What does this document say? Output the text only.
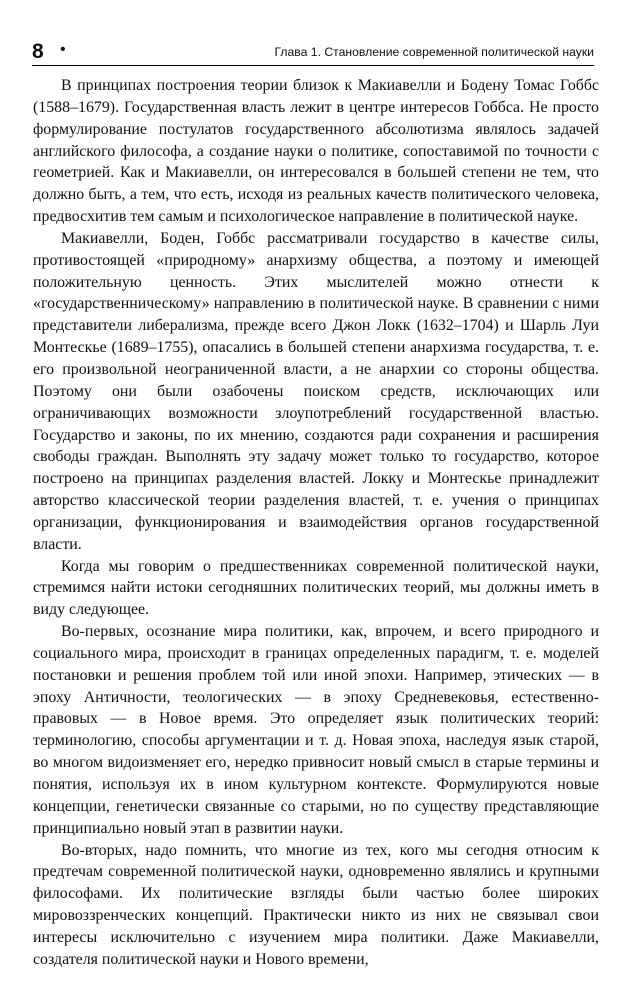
8 •	Глава 1. Становление современной политической науки

В принципах построения теории близок к Макиавелли и Бодену Томас Гоббс (1588–1679). Государственная власть лежит в центре интересов Гоббса. Не просто формулирование постулатов государственного абсолютизма являлось задачей английского философа, а создание науки о политике, сопоставимой по точности с геометрией. Как и Макиавелли, он интересовался в большей степени не тем, что должно быть, а тем, что есть, исходя из реальных качеств политического человека, предвосхитив тем самым и психологическое направление в политической науке.

Макиавелли, Боден, Гоббс рассматривали государство в качестве силы, противостоящей «природному» анархизму общества, а поэтому и имеющей положительную ценность. Этих мыслителей можно отнести к «государственническому» направлению в политической науке. В сравнении с ними представители либерализма, прежде всего Джон Локк (1632–1704) и Шарль Луи Монтескье (1689–1755), опасались в большей степени анархизма государства, т. е. его произвольной неограниченной власти, а не анархии со стороны общества. Поэтому они были озабочены поиском средств, исключающих или ограничивающих возможности злоупотреблений государственной властью. Государство и законы, по их мнению, создаются ради сохранения и расширения свободы граждан. Выполнять эту задачу может только то государство, которое построено на принципах разделения властей. Локку и Монтескье принадлежит авторство классической теории разделения властей, т. е. учения о принципах организации, функционирования и взаимодействия органов государственной власти.

Когда мы говорим о предшественниках современной политической науки, стремимся найти истоки сегодняшних политических теорий, мы должны иметь в виду следующее.

Во-первых, осознание мира политики, как, впрочем, и всего природного и социального мира, происходит в границах определенных парадигм, т. е. моделей постановки и решения проблем той или иной эпохи. Например, этических — в эпоху Античности, теологических — в эпоху Средневековья, естественно-правовых — в Новое время. Это определяет язык политических теорий: терминологию, способы аргументации и т. д. Новая эпоха, наследуя язык старой, во многом видоизменяет его, нередко привносит новый смысл в старые термины и понятия, используя их в ином культурном контексте. Формулируются новые концепции, генетически связанные со старыми, но по существу представляющие принципиально новый этап в развитии науки.

Во-вторых, надо помнить, что многие из тех, кого мы сегодня относим к предтечам современной политической науки, одновременно являлись и крупными философами. Их политические взгляды были частью более широких мировоззренческих концепций. Практически никто из них не связывал свои интересы исключительно с изучением мира политики. Даже Макиавелли, создателя политической науки и Нового времени,
